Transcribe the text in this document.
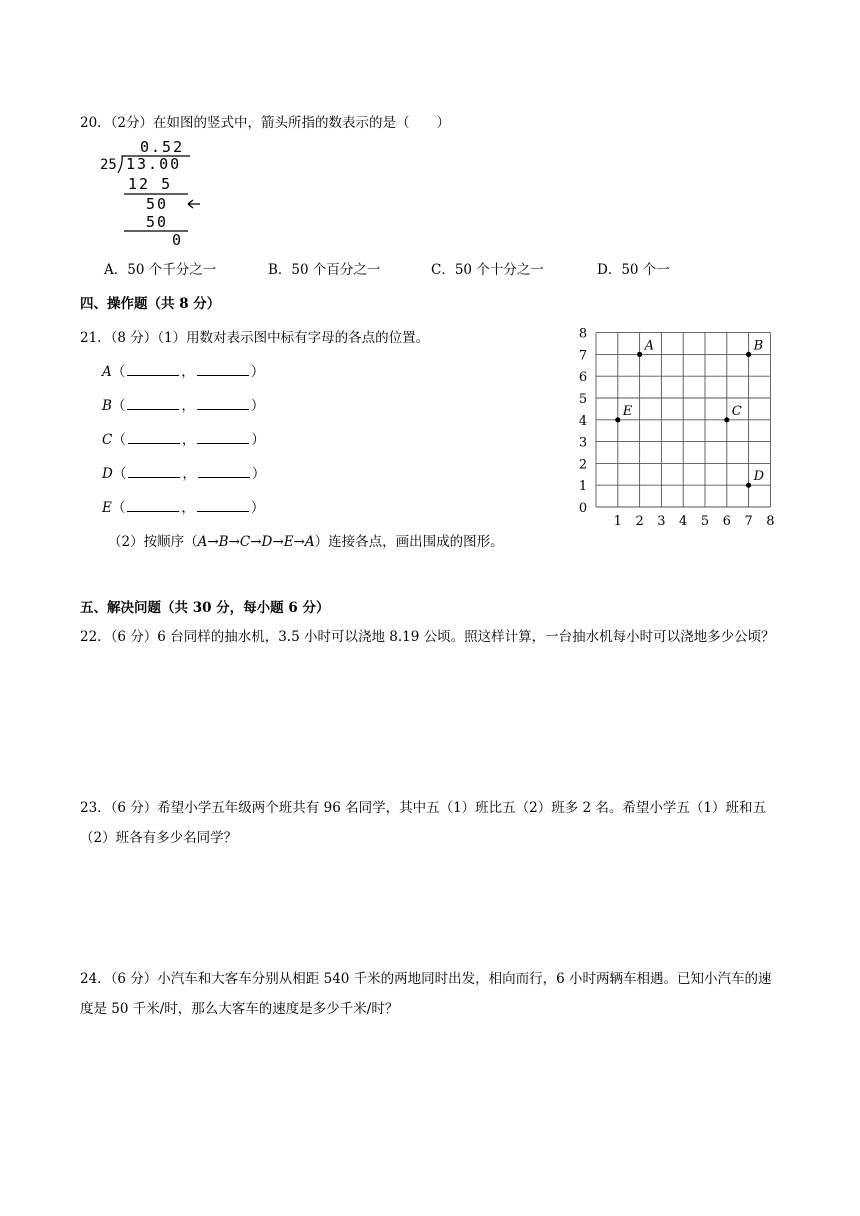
20．（2分）在如图的竖式中，箭头所指的数表示的是（　　）
0.52
25 13.00
12 5
50
50
0
A．50 个千分之一	B．50 个百分之一	C．50 个十分之一	D．50 个一
四、操作题（共 8 分）
21．（8 分）（1）用数对表示图中标有字母的各点的位置。
A（	，	）
B（	，	）
C（	，	）
D（	，	）
E（	，	）
（2）按顺序（A→B→C→D→E→A）连接各点，画出围成的图形。
1 2 3 4 5 6 7 8
0
1
2
3
4
5
6
7
8
A	B
C
D
E
五、解决问题（共 30 分，每小题 6 分）
22．（6 分）6 台同样的抽水机，3.5 小时可以浇地 8.19 公顷。照这样计算，一台抽水机每小时可以浇地多少公顷？
23．（6 分）希望小学五年级两个班共有 96 名同学，其中五（1）班比五（2）班多 2 名。希望小学五（1）班和五（2）班各有多少名同学？
24．（6 分）小汽车和大客车分别从相距 540 千米的两地同时出发，相向而行，6 小时两辆车相遇。已知小汽车的速度是 50 千米/时，那么大客车的速度是多少千米/时？
